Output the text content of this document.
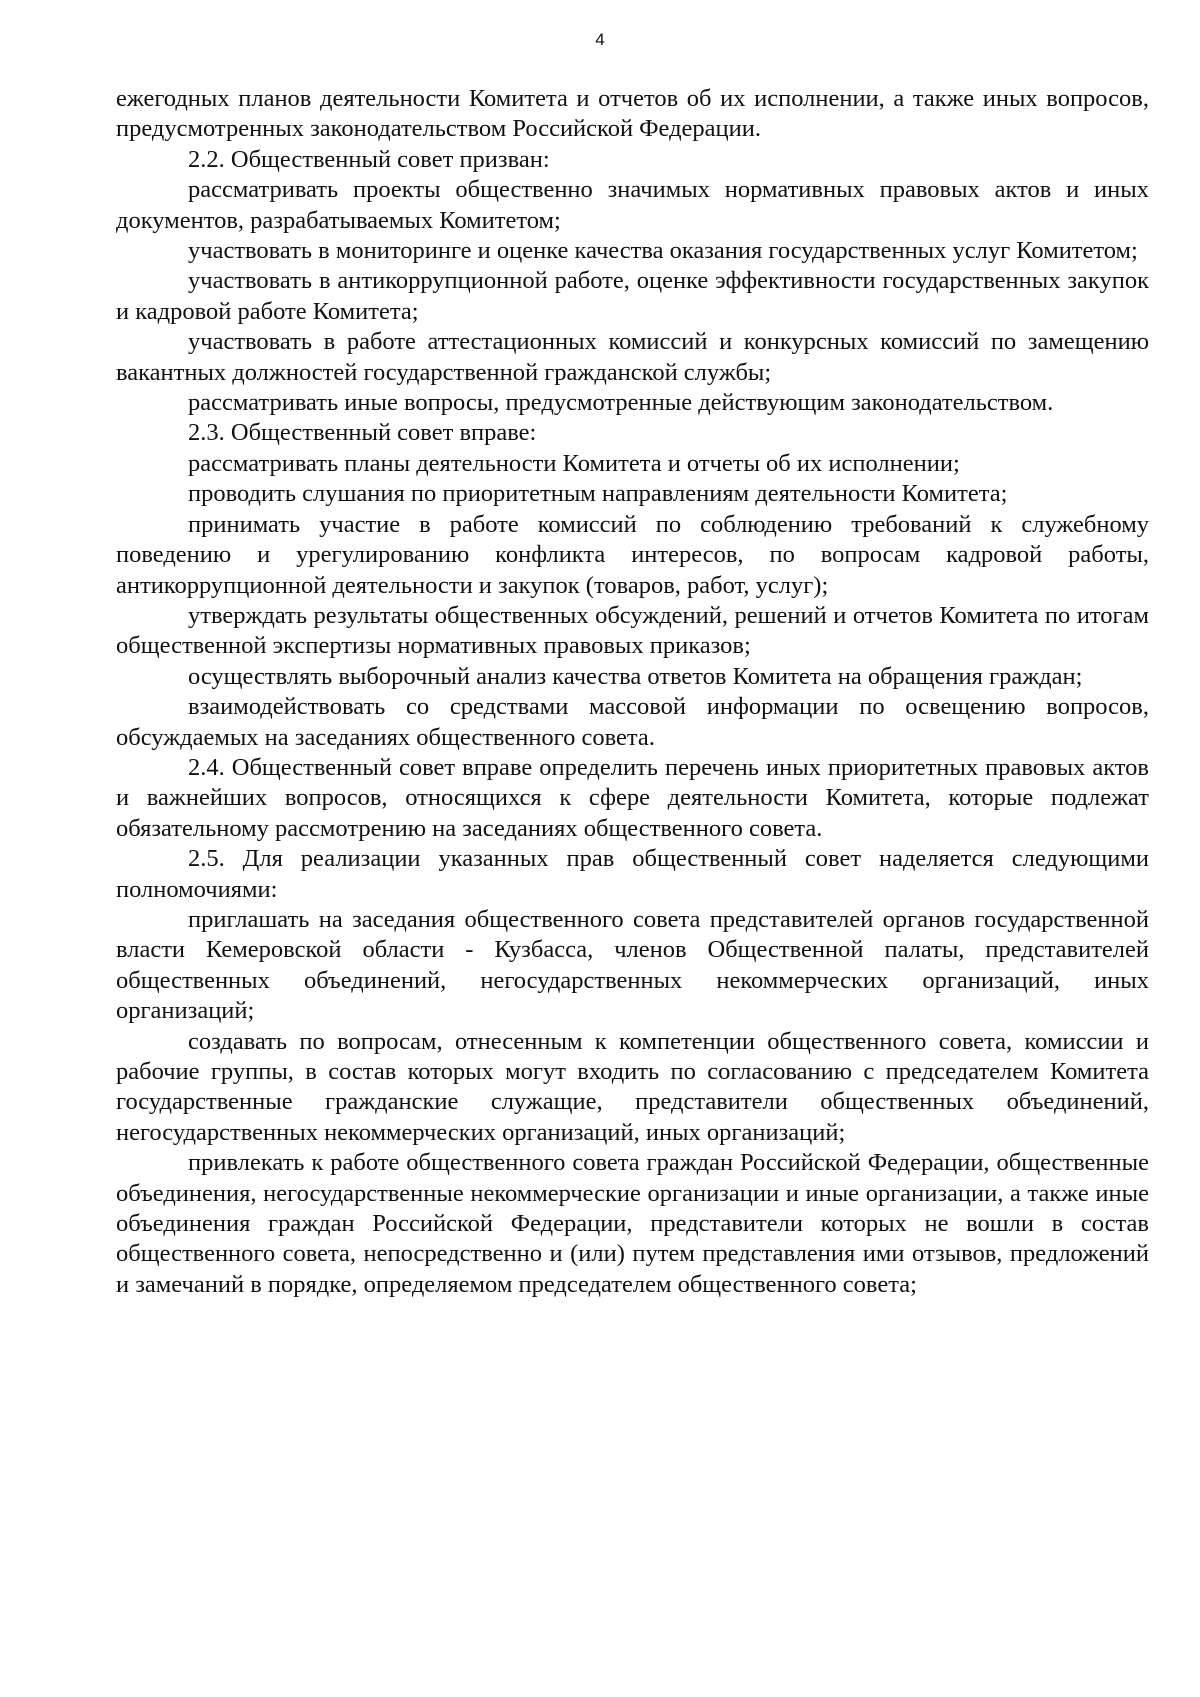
4

ежегодных планов деятельности Комитета и отчетов об их исполнении, а также иных вопросов, предусмотренных законодательством Российской Федерации.

2.2. Общественный совет призван:

рассматривать проекты общественно значимых нормативных правовых актов и иных документов, разрабатываемых Комитетом;

участвовать в мониторинге и оценке качества оказания государственных услуг Комитетом;

участвовать в антикоррупционной работе, оценке эффективности государственных закупок и кадровой работе Комитета;

участвовать в работе аттестационных комиссий и конкурсных комиссий по замещению вакантных должностей государственной гражданской службы;

рассматривать иные вопросы, предусмотренные действующим законодательством.

2.3. Общественный совет вправе:

рассматривать планы деятельности Комитета и отчеты об их исполнении;

проводить слушания по приоритетным направлениям деятельности Комитета;

принимать участие в работе комиссий по соблюдению требований к служебному поведению и урегулированию конфликта интересов, по вопросам кадровой работы, антикоррупционной деятельности и закупок (товаров, работ, услуг);

утверждать результаты общественных обсуждений, решений и отчетов Комитета по итогам общественной экспертизы нормативных правовых приказов;

осуществлять выборочный анализ качества ответов Комитета на обращения граждан;

взаимодействовать со средствами массовой информации по освещению вопросов, обсуждаемых на заседаниях общественного совета.

2.4. Общественный совет вправе определить перечень иных приоритетных правовых актов и важнейших вопросов, относящихся к сфере деятельности Комитета, которые подлежат обязательному рассмотрению на заседаниях общественного совета.

2.5. Для реализации указанных прав общественный совет наделяется следующими полномочиями:

приглашать на заседания общественного совета представителей органов государственной власти Кемеровской области - Кузбасса, членов Общественной палаты, представителей общественных объединений, негосударственных некоммерческих организаций, иных организаций;

создавать по вопросам, отнесенным к компетенции общественного совета, комиссии и рабочие группы, в состав которых могут входить по согласованию с председателем Комитета государственные гражданские служащие, представители общественных объединений, негосударственных некоммерческих организаций, иных организаций;

привлекать к работе общественного совета граждан Российской Федерации, общественные объединения, негосударственные некоммерческие организации и иные организации, а также иные объединения граждан Российской Федерации, представители которых не вошли в состав общественного совета, непосредственно и (или) путем представления ими отзывов, предложений и замечаний в порядке, определяемом председателем общественного совета;
